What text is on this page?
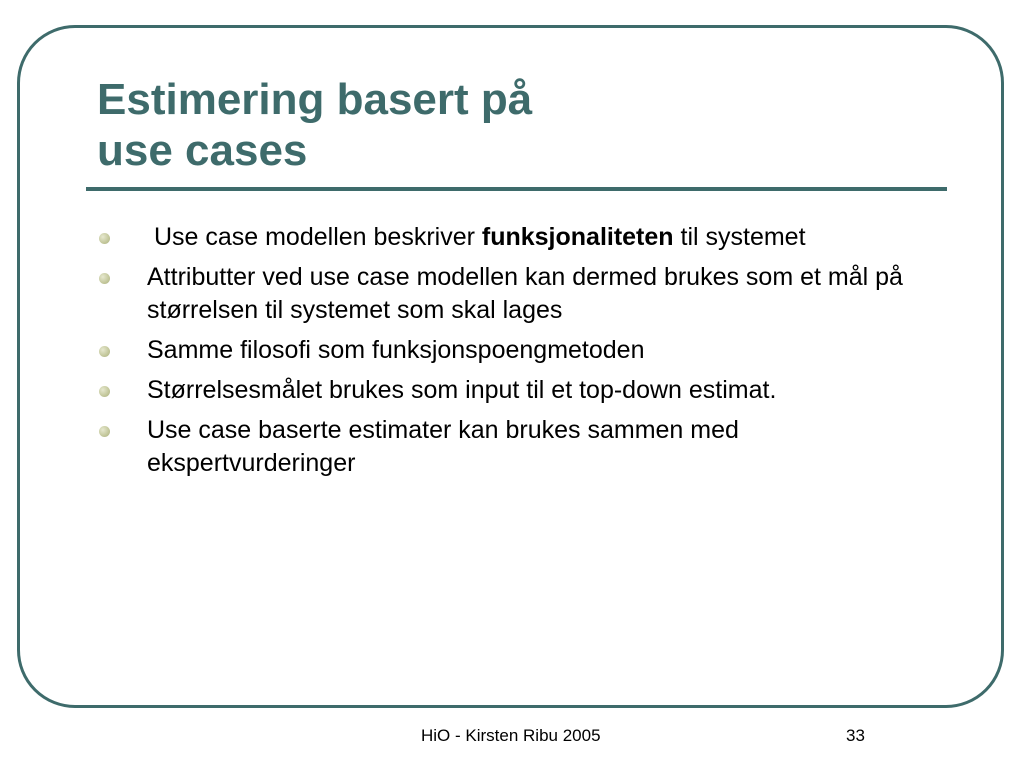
Estimering basert på
use cases
Use case modellen beskriver funksjonaliteten til systemet
Attributter ved use case modellen kan dermed brukes som et mål på  størrelsen til systemet som skal lages
Samme filosofi som funksjonspoengmetoden
Størrelsesmålet brukes som input til et top-down estimat.
Use case baserte estimater kan brukes sammen med ekspertvurderinger
HiO - Kirsten Ribu 2005	33
